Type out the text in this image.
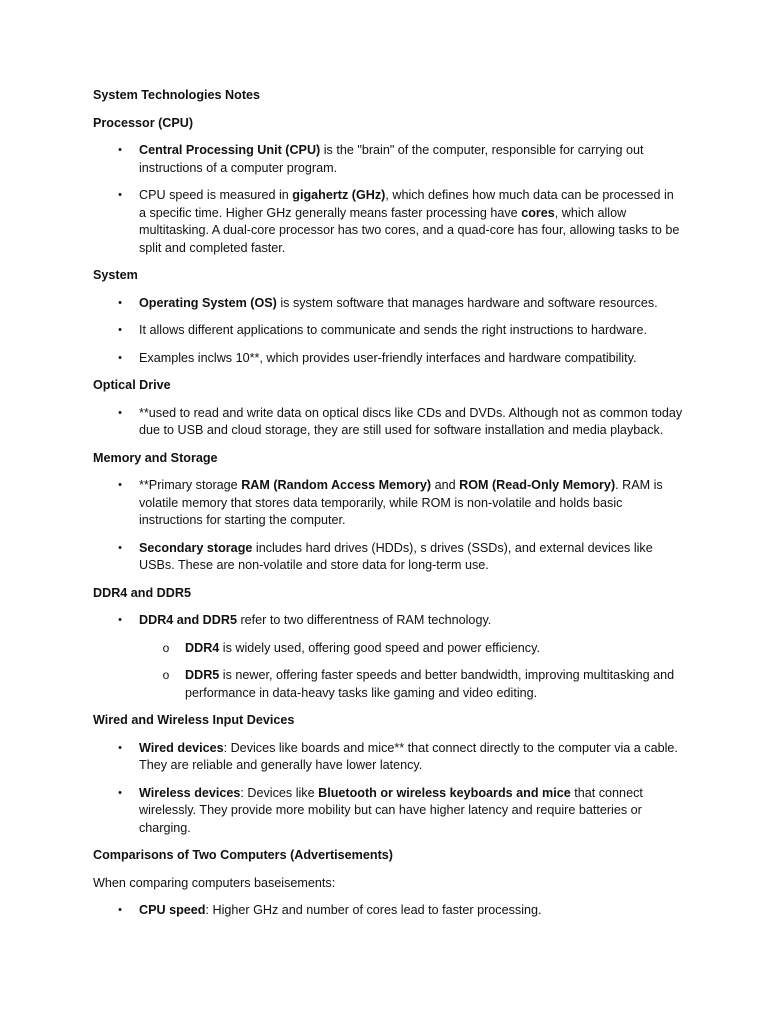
System Technologies Notes
Processor (CPU)
• Central Processing Unit (CPU) is the "brain" of the computer, responsible for carrying out instructions of a computer program.
• CPU speed is measured in gigahertz (GHz), which defines how much data can be processed in a specific time. Higher GHz generally means faster processing have cores, which allow multitasking. A dual-core processor has two cores, and a quad-core has four, allowing tasks to be split and completed faster.
System
• Operating System (OS) is system software that manages hardware and software resources.
• It allows different applications to communicate and sends the right instructions to hardware.
• Examples inclws 10**, which provides user-friendly interfaces and hardware compatibility.
Optical Drive
• **used to read and write data on optical discs like CDs and DVDs. Although not as common today due to USB and cloud storage, they are still used for software installation and media playback.
Memory and Storage
• **Primary storage RAM (Random Access Memory) and ROM (Read-Only Memory). RAM is volatile memory that stores data temporarily, while ROM is non-volatile and holds basic instructions for starting the computer.
• Secondary storage includes hard drives (HDDs), s drives (SSDs), and external devices like USBs. These are non-volatile and store data for long-term use.
DDR4 and DDR5
• DDR4 and DDR5 refer to two differentness of RAM technology.
o DDR4 is widely used, offering good speed and power efficiency.
o DDR5 is newer, offering faster speeds and better bandwidth, improving multitasking and performance in data-heavy tasks like gaming and video editing.
Wired and Wireless Input Devices
• Wired devices: Devices like boards and mice** that connect directly to the computer via a cable. They are reliable and generally have lower latency.
• Wireless devices: Devices like Bluetooth or wireless keyboards and mice that connect wirelessly. They provide more mobility but can have higher latency and require batteries or charging.
Comparisons of Two Computers (Advertisements)

When comparing computers baseisements:

• CPU speed: Higher GHz and number of cores lead to faster processing.
